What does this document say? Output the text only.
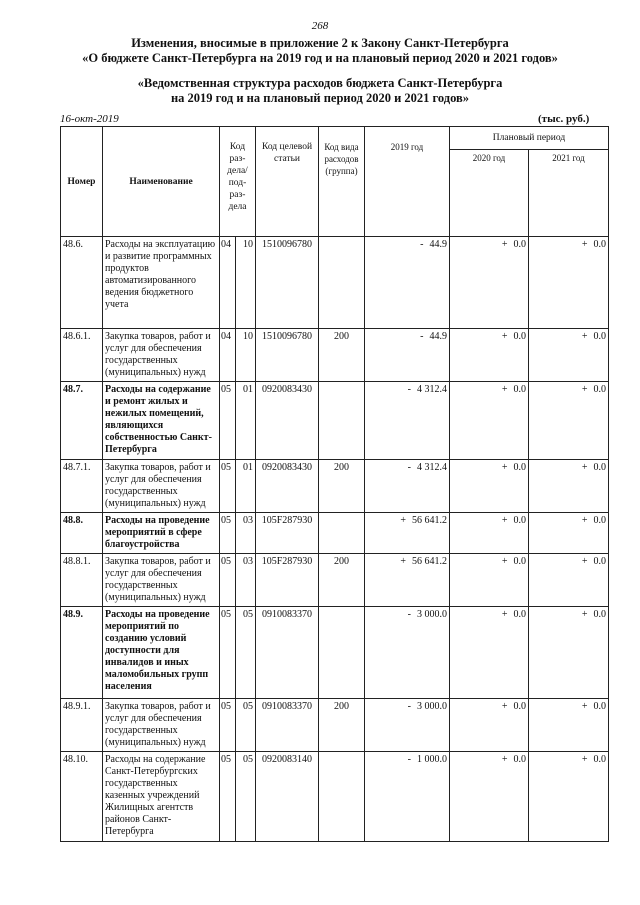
268
Изменения, вносимые в приложение 2 к Закону Санкт-Петербурга
«О бюджете Санкт-Петербурга на 2019 год и на плановый период 2020 и 2021 годов»
«Ведомственная структура расходов бюджета Санкт-Петербурга
на 2019 год и на плановый период 2020 и 2021 годов»
16-окт-2019	(тыс. руб.)
Номер	Наименование	Код раз-дела/ под-раз-дела		Код целевой статьи	Код вида расходов (группа)	2019 год	Плановый период	
							2020 год	2021 год
48.6.	Расходы на эксплуатацию и развитие программных продуктов автоматизированного ведения бюджетного учета	04	10	1510096780		- 44.9	+ 0.0	+ 0.0
48.6.1.	Закупка товаров, работ и услуг для обеспечения государственных (муниципальных) нужд	04	10	1510096780	200	- 44.9	+ 0.0	+ 0.0
48.7.	Расходы на содержание и ремонт жилых и нежилых помещений, являющихся собственностью Санкт-Петербурга	05	01	0920083430		- 4 312.4	+ 0.0	+ 0.0
48.7.1.	Закупка товаров, работ и услуг для обеспечения государственных (муниципальных) нужд	05	01	0920083430	200	- 4 312.4	+ 0.0	+ 0.0
48.8.	Расходы на проведение мероприятий в сфере благоустройства	05	03	105F287930		+ 56 641.2	+ 0.0	+ 0.0
48.8.1.	Закупка товаров, работ и услуг для обеспечения государственных (муниципальных) нужд	05	03	105F287930	200	+ 56 641.2	+ 0.0	+ 0.0
48.9.	Расходы на проведение мероприятий по созданию условий доступности для инвалидов и иных маломобильных групп населения	05	05	0910083370		- 3 000.0	+ 0.0	+ 0.0
48.9.1.	Закупка товаров, работ и услуг для обеспечения государственных (муниципальных) нужд	05	05	0910083370	200	- 3 000.0	+ 0.0	+ 0.0
48.10.	Расходы на содержание Санкт-Петербургских государственных казенных учреждений Жилищных агентств районов Санкт-Петербурга	05	05	0920083140		- 1 000.0	+ 0.0	+ 0.0
